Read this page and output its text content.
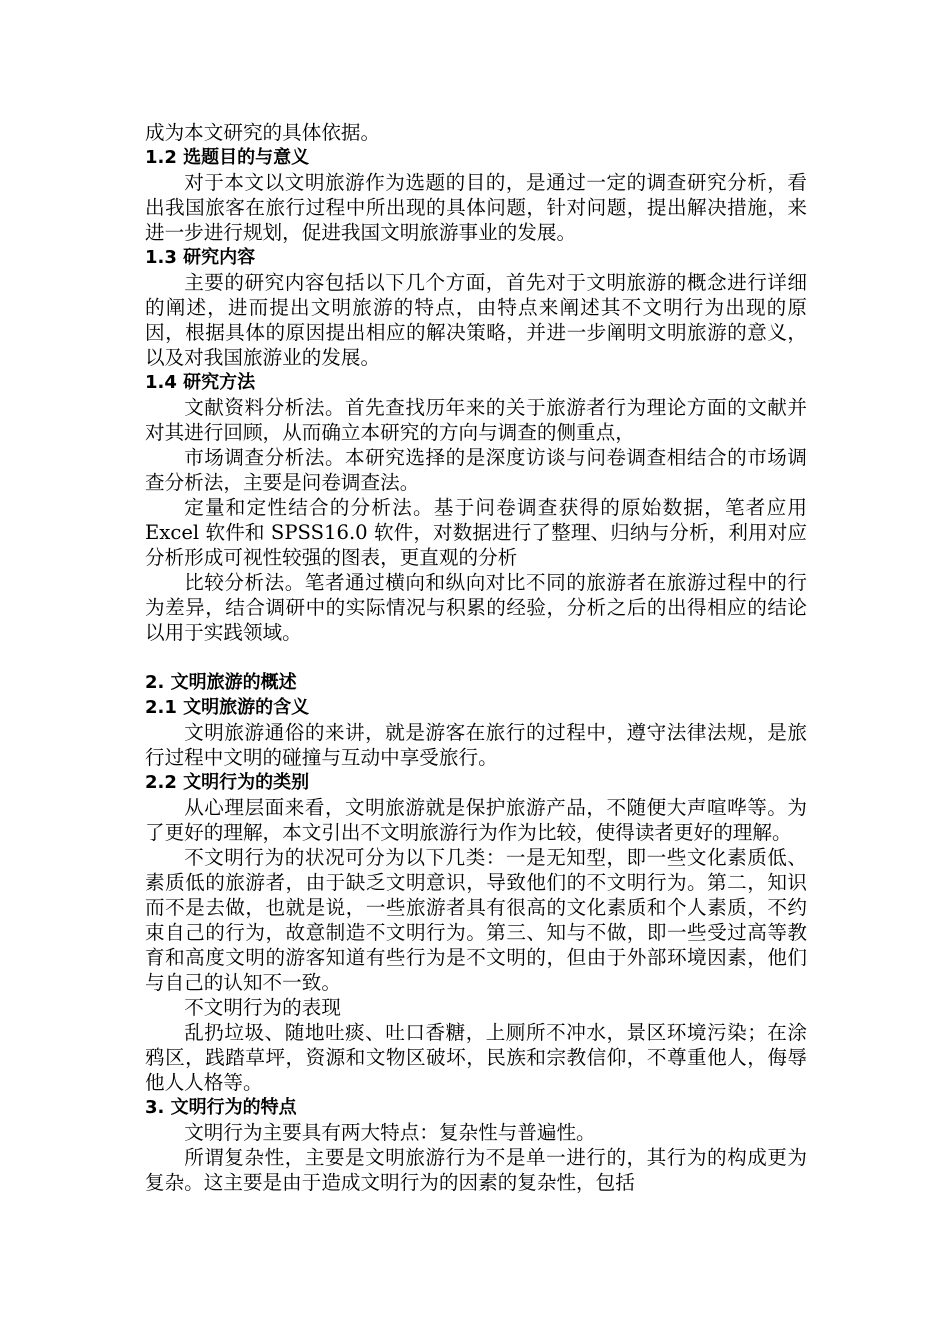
成为本文研究的具体依据。

1.2 选题目的与意义

对于本文以文明旅游作为选题的目的，是通过一定的调查研究分析，看出我国旅客在旅行过程中所出现的具体问题，针对问题，提出解决措施，来进一步进行规划，促进我国文明旅游事业的发展。

1.3 研究内容

主要的研究内容包括以下几个方面，首先对于文明旅游的概念进行详细的阐述，进而提出文明旅游的特点，由特点来阐述其不文明行为出现的原因，根据具体的原因提出相应的解决策略，并进一步阐明文明旅游的意义，以及对我国旅游业的发展。

1.4 研究方法

文献资料分析法。首先查找历年来的关于旅游者行为理论方面的文献并对其进行回顾，从而确立本研究的方向与调查的侧重点，

市场调查分析法。本研究选择的是深度访谈与问卷调查相结合的市场调查分析法，主要是问卷调查法。

定量和定性结合的分析法。基于问卷调查获得的原始数据，笔者应用 Excel 软件和 SPSS16.0 软件，对数据进行了整理、归纳与分析，利用对应分析形成可视性较强的图表，更直观的分析

比较分析法。笔者通过横向和纵向对比不同的旅游者在旅游过程中的行为差异，结合调研中的实际情况与积累的经验，分析之后的出得相应的结论以用于实践领域。

2. 文明旅游的概述
2.1 文明旅游的含义

文明旅游通俗的来讲，就是游客在旅行的过程中，遵守法律法规，是旅行过程中文明的碰撞与互动中享受旅行。

2.2 文明行为的类别

从心理层面来看，文明旅游就是保护旅游产品，不随便大声喧哗等。为了更好的理解，本文引出不文明旅游行为作为比较，使得读者更好的理解。

不文明行为的状况可分为以下几类：一是无知型，即一些文化素质低、素质低的旅游者，由于缺乏文明意识，导致他们的不文明行为。第二，知识而不是去做，也就是说，一些旅游者具有很高的文化素质和个人素质，不约束自己的行为，故意制造不文明行为。第三、知与不做，即一些受过高等教育和高度文明的游客知道有些行为是不文明的，但由于外部环境因素，他们与自己的认知不一致。

不文明行为的表现

乱扔垃圾、随地吐痰、吐口香糖，上厕所不冲水，景区环境污染；在涂鸦区，践踏草坪，资源和文物区破坏，民族和宗教信仰，不尊重他人，侮辱他人人格等。

3. 文明行为的特点

文明行为主要具有两大特点：复杂性与普遍性。

所谓复杂性，主要是文明旅游行为不是单一进行的，其行为的构成更为复杂。这主要是由于造成文明行为的因素的复杂性，包括
